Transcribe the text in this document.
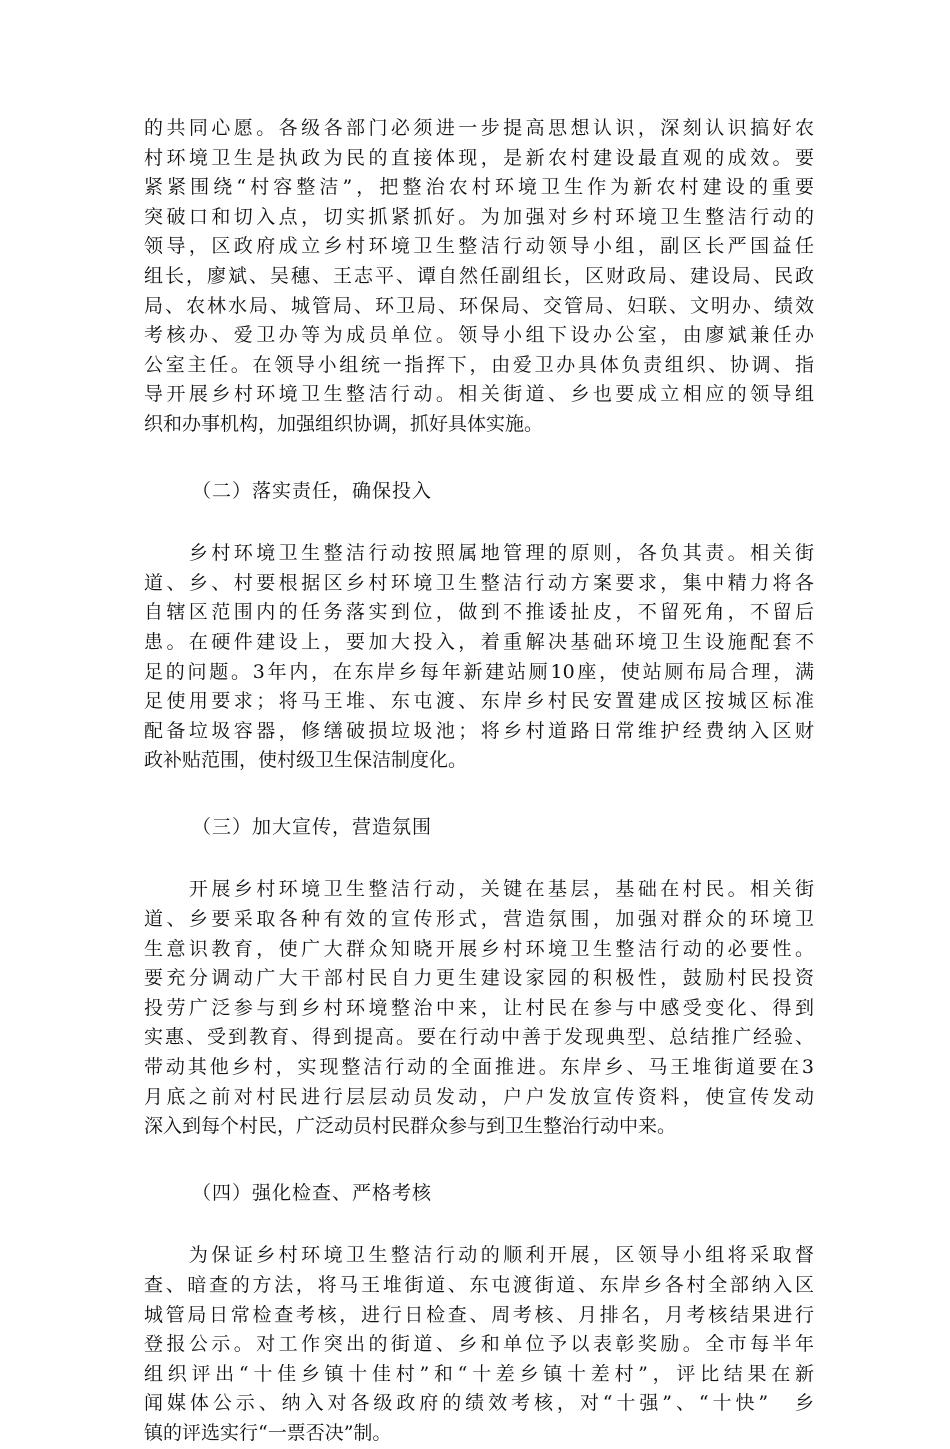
的共同心愿。各级各部门必须进一步提高思想认识，深刻认识搞好农
村环境卫生是执政为民的直接体现，是新农村建设最直观的成效。要
紧紧围绕“村容整洁”，把整治农村环境卫生作为新农村建设的重要
突破口和切入点，切实抓紧抓好。为加强对乡村环境卫生整洁行动的
领导，区政府成立乡村环境卫生整洁行动领导小组，副区长严国益任
组长，廖斌、吴穗、王志平、谭自然任副组长，区财政局、建设局、民政
局、农林水局、城管局、环卫局、环保局、交管局、妇联、文明办、绩效
考核办、爱卫办等为成员单位。领导小组下设办公室，由廖斌兼任办
公室主任。在领导小组统一指挥下，由爱卫办具体负责组织、协调、指
导开展乡村环境卫生整洁行动。相关街道、乡也要成立相应的领导组
织和办事机构，加强组织协调，抓好具体实施。
（二）落实责任，确保投入
　　乡村环境卫生整洁行动按照属地管理的原则，各负其责。相关街
道、乡、村要根据区乡村环境卫生整洁行动方案要求，集中精力将各
自辖区范围内的任务落实到位，做到不推诿扯皮，不留死角，不留后
患。在硬件建设上，要加大投入，着重解决基础环境卫生设施配套不
足的问题。3年内，在东岸乡每年新建站厕10座，使站厕布局合理，满
足使用要求；将马王堆、东屯渡、东岸乡村民安置建成区按城区标准
配备垃圾容器，修缮破损垃圾池；将乡村道路日常维护经费纳入区财
政补贴范围，使村级卫生保洁制度化。
（三）加大宣传，营造氛围
　　开展乡村环境卫生整洁行动，关键在基层，基础在村民。相关街
道、乡要采取各种有效的宣传形式，营造氛围，加强对群众的环境卫
生意识教育，使广大群众知晓开展乡村环境卫生整洁行动的必要性。
要充分调动广大干部村民自力更生建设家园的积极性，鼓励村民投资
投劳广泛参与到乡村环境整治中来，让村民在参与中感受变化、得到
实惠、受到教育、得到提高。要在行动中善于发现典型、总结推广经验、
带动其他乡村，实现整洁行动的全面推进。东岸乡、马王堆街道要在3
月底之前对村民进行层层动员发动，户户发放宣传资料，使宣传发动
深入到每个村民，广泛动员村民群众参与到卫生整治行动中来。
（四）强化检查、严格考核
　　为保证乡村环境卫生整洁行动的顺利开展，区领导小组将采取督
查、暗查的方法，将马王堆街道、东屯渡街道、东岸乡各村全部纳入区
城管局日常检查考核，进行日检查、周考核、月排名，月考核结果进行
登报公示。对工作突出的街道、乡和单位予以表彰奖励。全市每半年
组织评出“十佳乡镇十佳村”和“十差乡镇十差村”，评比结果在新
闻媒体公示、纳入对各级政府的绩效考核，对“十强”、“十快”　乡
镇的评选实行“一票否决”制。
